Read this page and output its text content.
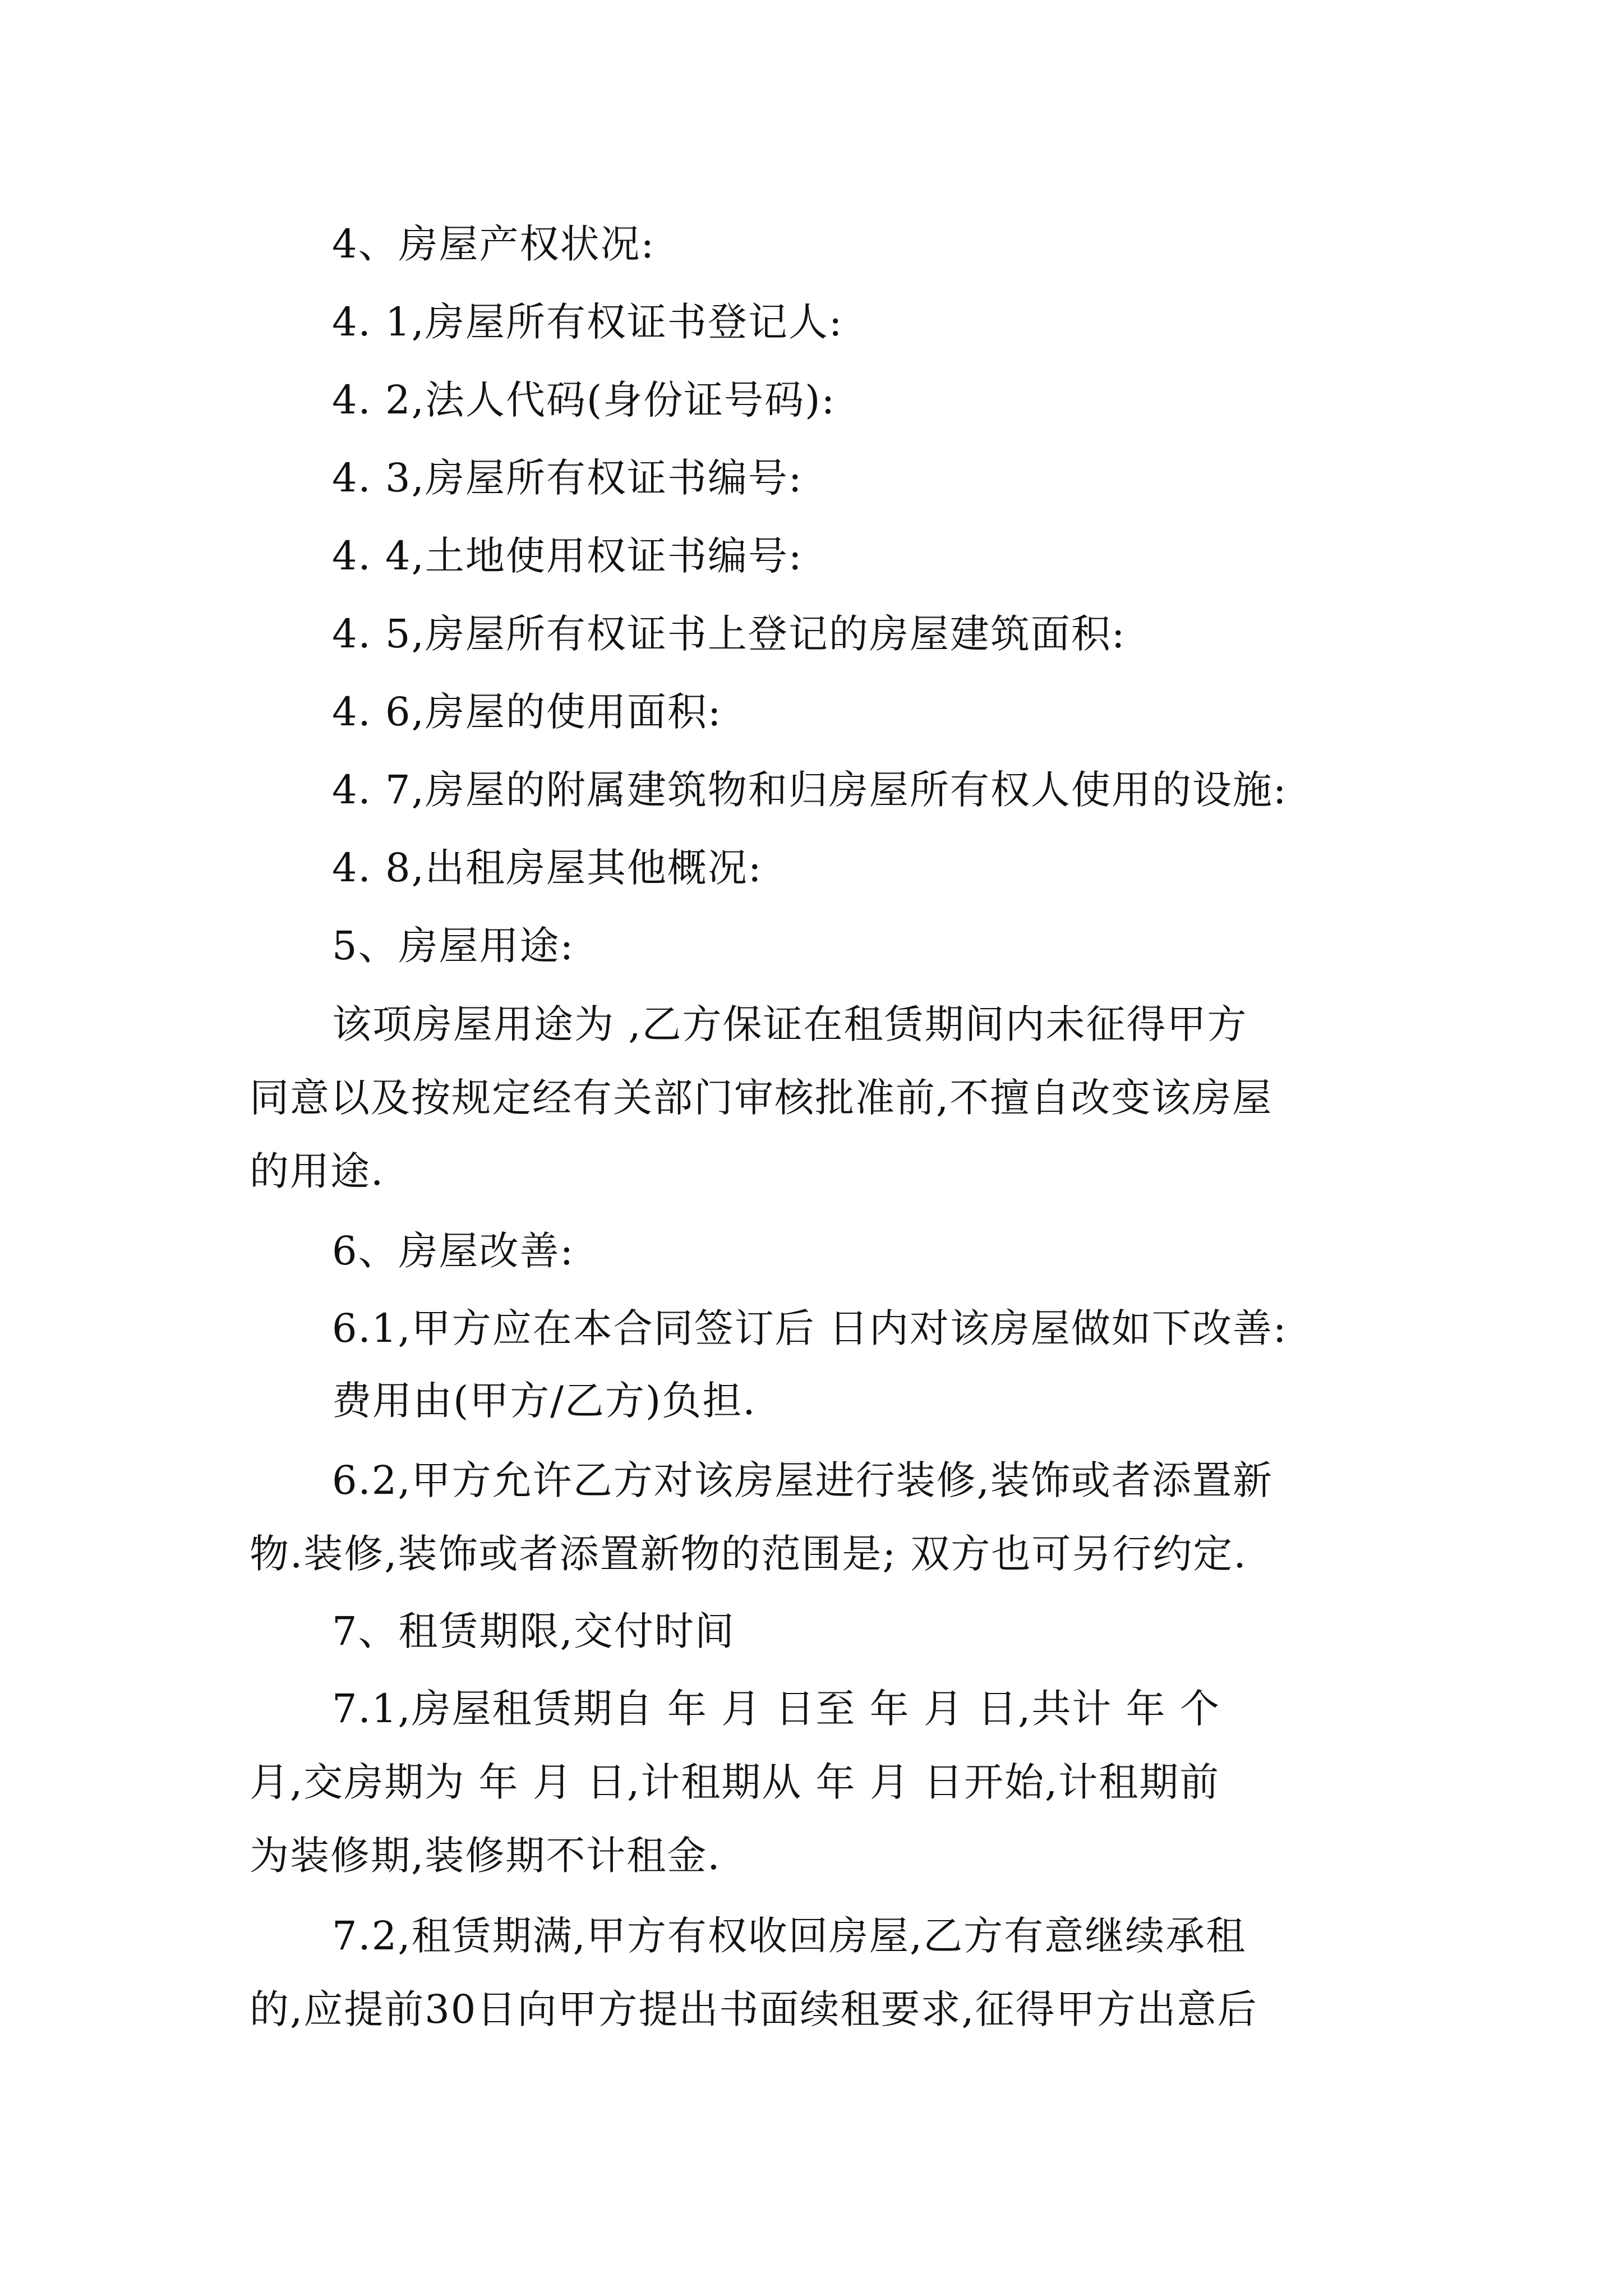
4、房屋产权状况:

4. 1,房屋所有权证书登记人:

4. 2,法人代码(身份证号码):

4. 3,房屋所有权证书编号:

4. 4,土地使用权证书编号:

4. 5,房屋所有权证书上登记的房屋建筑面积:

4. 6,房屋的使用面积:

4. 7,房屋的附属建筑物和归房屋所有权人使用的设施:

4. 8,出租房屋其他概况:

5、房屋用途:

该项房屋用途为 ,乙方保证在租赁期间内未征得甲方

同意以及按规定经有关部门审核批准前,不擅自改变该房屋

的用途.

6、房屋改善:

6.1,甲方应在本合同签订后 日内对该房屋做如下改善:

费用由(甲方/乙方)负担.

6.2,甲方允许乙方对该房屋进行装修,装饰或者添置新

物.装修,装饰或者添置新物的范围是; 双方也可另行约定.

7、租赁期限,交付时间

7.1,房屋租赁期自 年 月 日至 年 月 日,共计 年 个

月,交房期为 年 月 日,计租期从 年 月 日开始,计租期前

为装修期,装修期不计租金.

7.2,租赁期满,甲方有权收回房屋,乙方有意继续承租

的,应提前30日向甲方提出书面续租要求,征得甲方出意后
